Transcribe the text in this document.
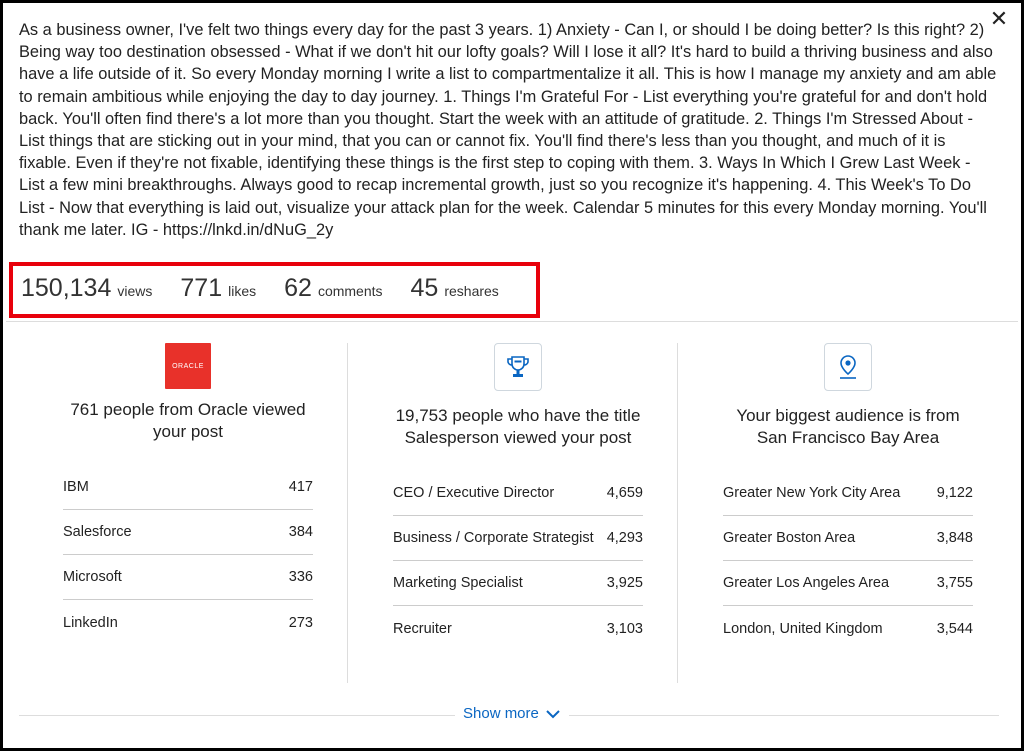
✕
As a business owner, I've felt two things every day for the past 3 years. 1) Anxiety - Can I, or should I be doing better? Is this right? 2) Being way too destination obsessed - What if we don't hit our lofty goals? Will I lose it all? It's hard to build a thriving business and also have a life outside of it. So every Monday morning I write a list to compartmentalize it all. This is how I manage my anxiety and am able to remain ambitious while enjoying the day to day journey. 1. Things I'm Grateful For - List everything you're grateful for and don't hold back. You'll often find there's a lot more than you thought. Start the week with an attitude of gratitude. 2. Things I'm Stressed About - List things that are sticking out in your mind, that you can or cannot fix. You'll find there's less than you thought, and much of it is fixable. Even if they're not fixable, identifying these things is the first step to coping with them. 3. Ways In Which I Grew Last Week - List a few mini breakthroughs. Always good to recap incremental growth, just so you recognize it's happening. 4. This Week's To Do List - Now that everything is laid out, visualize your attack plan for the week. Calendar 5 minutes for this every Monday morning. You'll thank me later. IG - https://lnkd.in/dNuG_2y
150,134 views 771 likes 62 comments 45 reshares
ORACLE
761 people from Oracle viewed your post
IBM	417
Salesforce	384
Microsoft	336
LinkedIn	273
19,753 people who have the title Salesperson viewed your post
CEO / Executive Director	4,659
Business / Corporate Strategist 4,293
Marketing Specialist	3,925
Recruiter	3,103
Your biggest audience is from San Francisco Bay Area
Greater New York City Area	9,122
Greater Boston Area	3,848
Greater Los Angeles Area	3,755
London, United Kingdom	3,544
Show more
